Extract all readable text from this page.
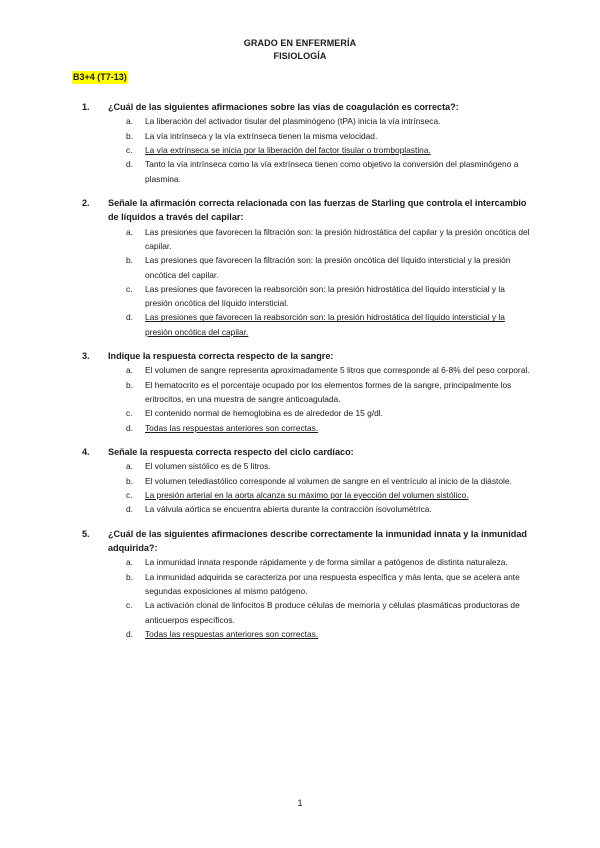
GRADO EN ENFERMERÍA
FISIOLOGÍA
B3+4 (T7-13)
1.	¿Cuál de las siguientes afirmaciones sobre las vías de coagulación es correcta?:
a.	La liberación del activador tisular del plasminógeno (tPA) inicia la vía intrínseca.
b.	La vía intrínseca y la vía extrínseca tienen la misma velocidad.
c.	La vía extrínseca se inicia por la liberación del factor tisular o tromboplastina.
d.	Tanto la vía intrínseca como la vía extrínseca tienen como objetivo la conversión del plasminógeno a plasmina.
2.	Señale la afirmación correcta relacionada con las fuerzas de Starling que controla el intercambio de líquidos a través del capilar:
a.	Las presiones que favorecen la filtración son: la presión hidrostática del capilar y la presión oncótica del capilar.
b.	Las presiones que favorecen la filtración son: la presión oncótica del líquido intersticial y la presión oncótica del capilar.
c.	Las presiones que favorecen la reabsorción son: la presión hidrostática del líquido intersticial y la presión oncótica del líquido intersticial.
d.	Las presiones que favorecen la reabsorción son: la presión hidrostática del líquido intersticial y la presión oncótica del capilar.
3.	Indique la respuesta correcta respecto de la sangre:
a.	El volumen de sangre representa aproximadamente 5 litros que corresponde al 6-8% del peso corporal.
b.	El hematocrito es el porcentaje ocupado por los elementos formes de la sangre, principalmente los eritrocitos, en una muestra de sangre anticoagulada.
c.	El contenido normal de hemoglobina es de alrededor de 15 g/dl.
d.	Todas las respuestas anteriores son correctas.
4.	Señale la respuesta correcta respecto del ciclo cardíaco:
a.	El volumen sistólico es de 5 litros.
b.	El volumen telediastólico corresponde al volumen de sangre en el ventrículo al inicio de la diástole.
c.	La presión arterial en la aorta alcanza su máximo por la eyección del volumen sistólico.
d.	La válvula aórtica se encuentra abierta durante la contracción isovolumétrica.
5.	¿Cuál de las siguientes afirmaciones describe correctamente la inmunidad innata y la inmunidad adquirida?:
a.	La inmunidad innata responde rápidamente y de forma similar a patógenos de distinta naturaleza.
b.	La inmunidad adquirida se caracteriza por una respuesta específica y más lenta, que se acelera ante segundas exposiciones al mismo patógeno.
c.	La activación clonal de linfocitos B produce células de memoria y células plasmáticas productoras de anticuerpos específicos.
d.	Todas las respuestas anteriores son correctas.
1
